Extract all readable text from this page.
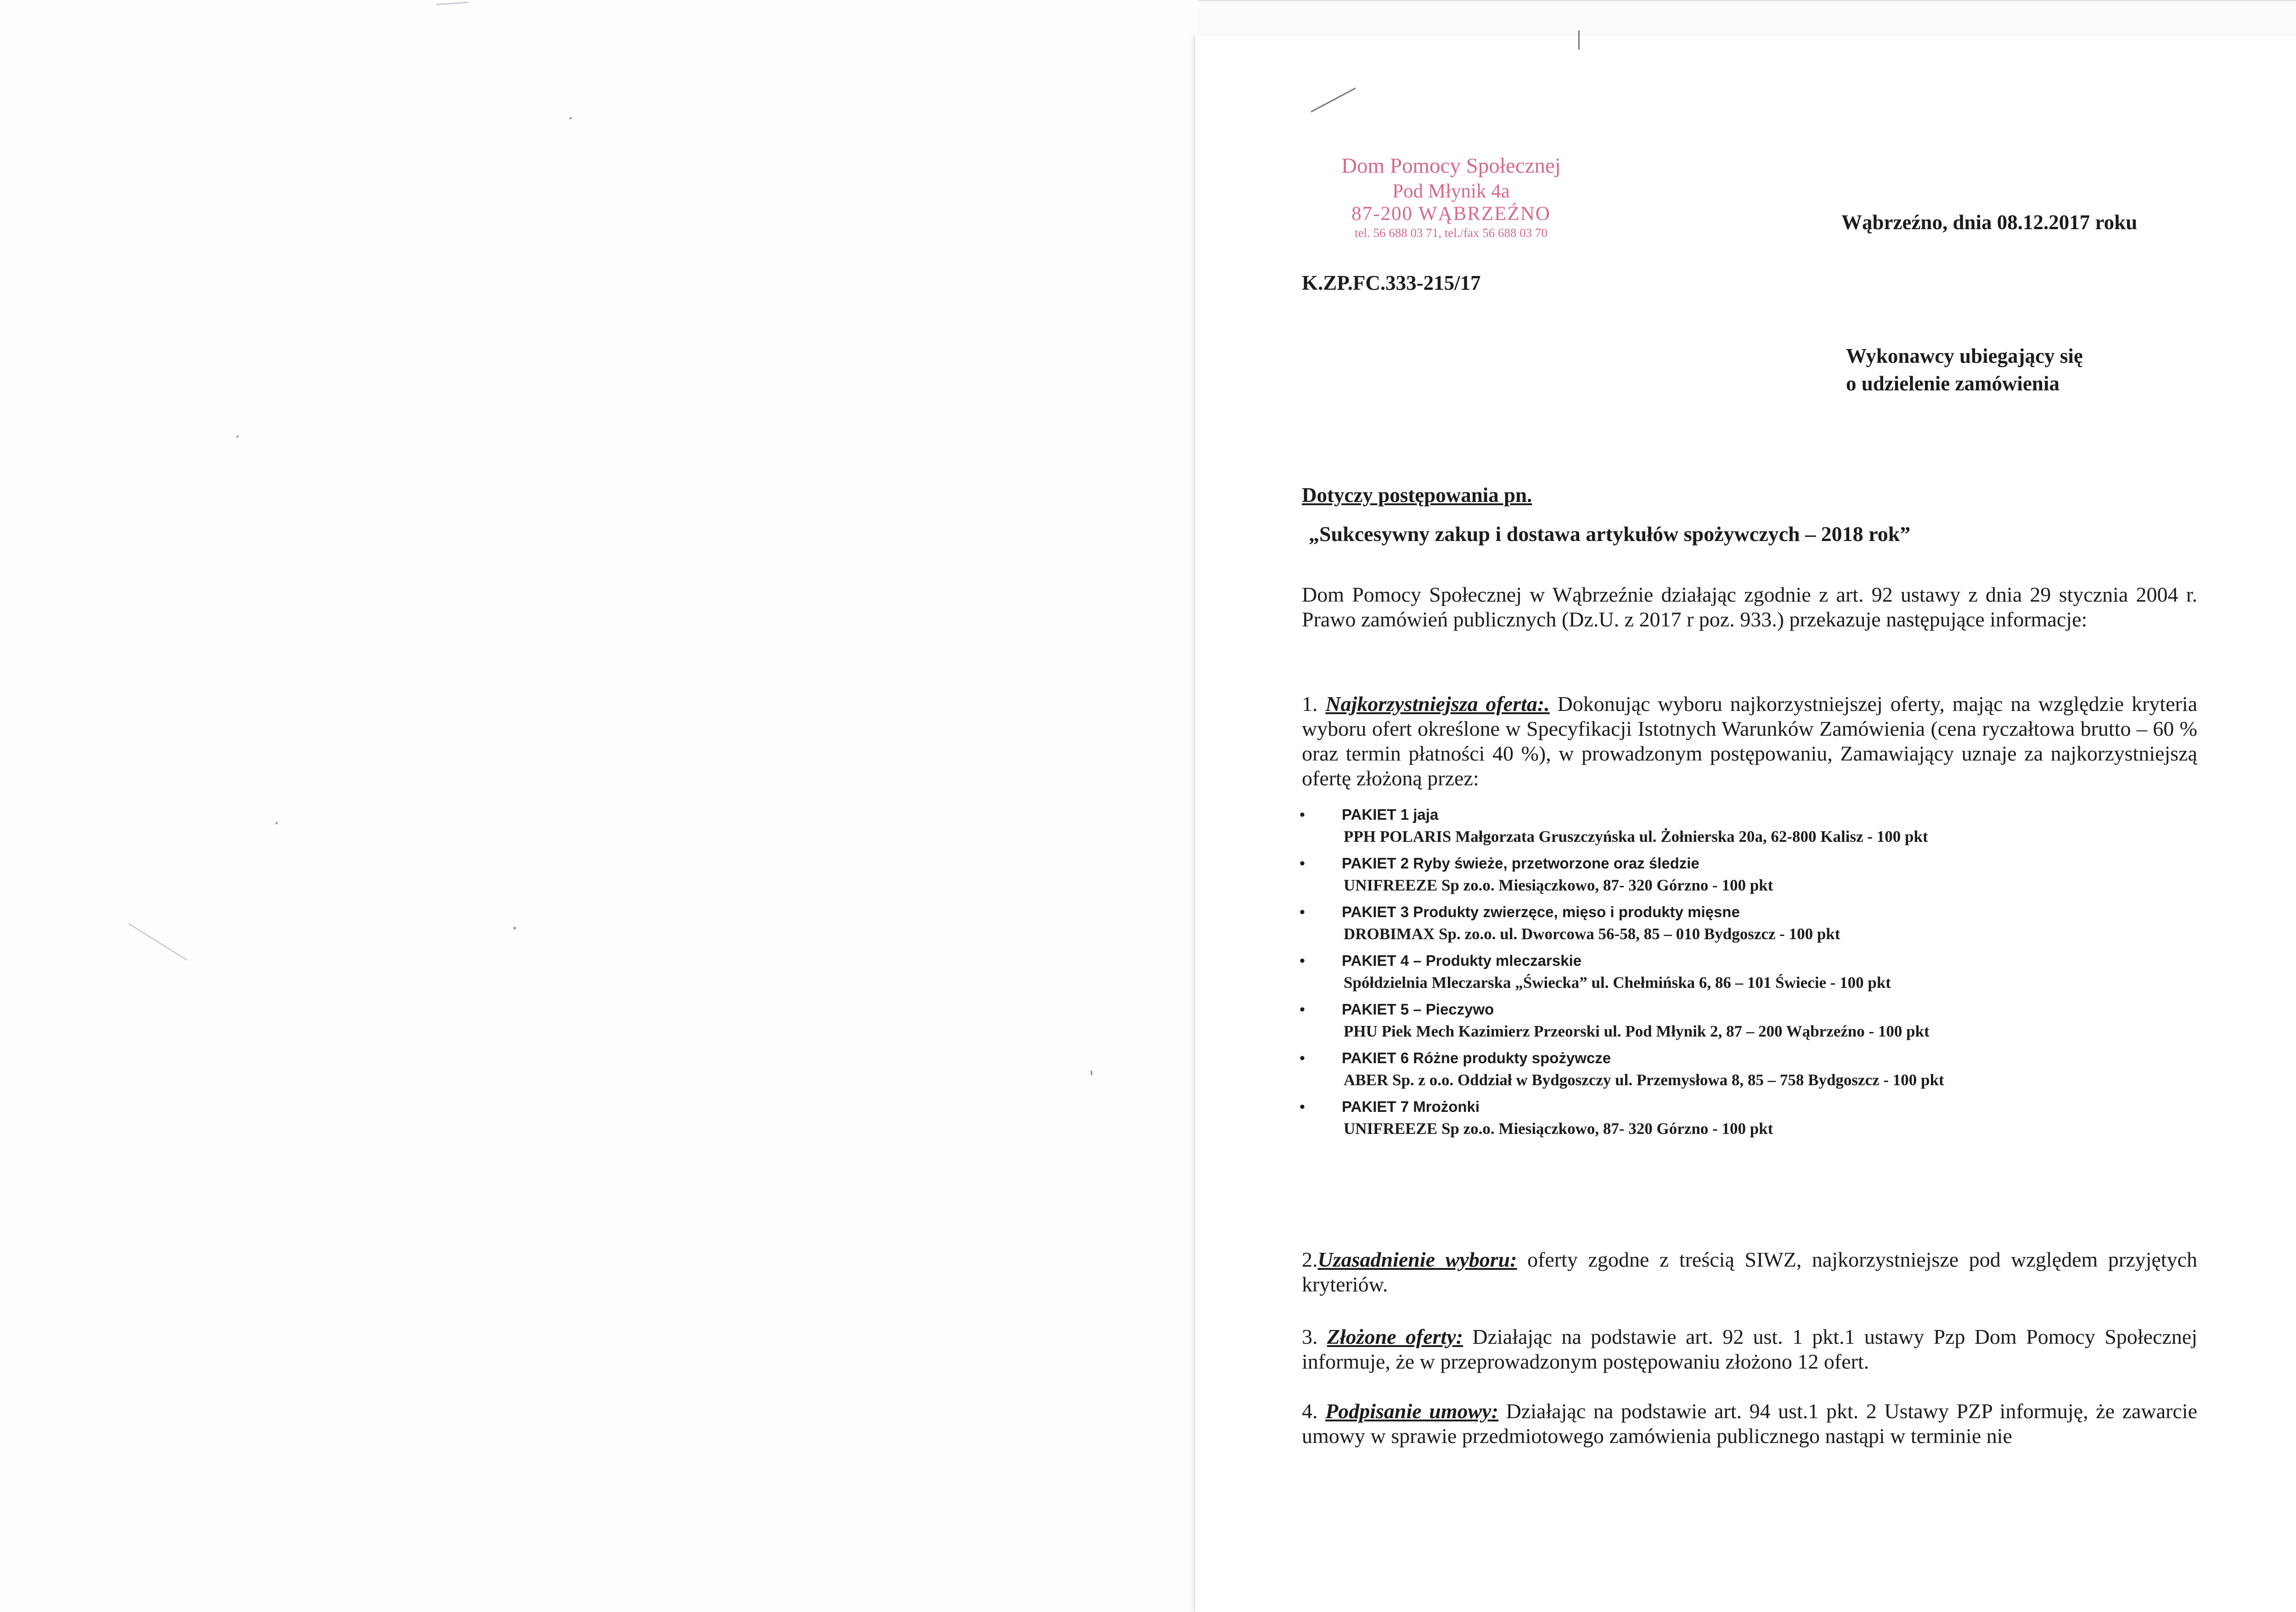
Dom Pomocy Społecznej
Pod Młynik 4a
87-200 WĄBRZEŹNO
tel. 56 688 03 71, tel./fax 56 688 03 70	Wąbrzeźno, dnia 08.12.2017 roku
K.ZP.FC.333-215/17
Wykonawcy ubiegający się
o udzielenie zamówienia
Dotyczy postępowania pn.
„Sukcesywny zakup i dostawa artykułów spożywczych – 2018 rok”

Dom Pomocy Społecznej w Wąbrzeźnie działając zgodnie z art. 92 ustawy z dnia 29 stycznia 2004 r. Prawo zamówień publicznych (Dz.U. z 2017 r poz. 933.) przekazuje następujące informacje:

1. Najkorzystniejsza oferta:. Dokonując wyboru najkorzystniejszej oferty, mając na względzie kryteria wyboru ofert określone w Specyfikacji Istotnych Warunków Zamówienia (cena ryczałtowa brutto – 60 % oraz termin płatności 40 %), w prowadzonym postępowaniu, Zamawiający uznaje za najkorzystniejszą ofertę złożoną przez:

• PAKIET 1 jaja
PPH POLARIS Małgorzata Gruszczyńska ul. Żołnierska 20a, 62-800 Kalisz - 100 pkt
• PAKIET 2 Ryby świeże, przetworzone oraz śledzie
UNIFREEZE Sp zo.o. Miesiączkowo, 87- 320 Górzno - 100 pkt
• PAKIET 3 Produkty zwierzęce, mięso i produkty mięsne
DROBIMAX Sp. zo.o. ul. Dworcowa 56-58, 85 – 010 Bydgoszcz - 100 pkt
• PAKIET 4 – Produkty mleczarskie
Spółdzielnia Mleczarska „Świecka” ul. Chełmińska 6, 86 – 101 Świecie - 100 pkt
• PAKIET 5 – Pieczywo
PHU Piek Mech Kazimierz Przeorski ul. Pod Młynik 2, 87 – 200 Wąbrzeźno - 100 pkt
• PAKIET 6 Różne produkty spożywcze
ABER Sp. z o.o. Oddział w Bydgoszczy ul. Przemysłowa 8, 85 – 758 Bydgoszcz - 100 pkt
• PAKIET 7 Mrożonki
UNIFREEZE Sp zo.o. Miesiączkowo, 87- 320 Górzno - 100 pkt

2.Uzasadnienie wyboru: oferty zgodne z treścią SIWZ, najkorzystniejsze pod względem przyjętych kryteriów.

3. Złożone oferty: Działając na podstawie art. 92 ust. 1 pkt.1 ustawy Pzp Dom Pomocy Społecznej informuje, że w przeprowadzonym postępowaniu złożono 12 ofert.

4. Podpisanie umowy: Działając na podstawie art. 94 ust.1 pkt. 2 Ustawy PZP informuję, że zawarcie umowy w sprawie przedmiotowego zamówienia publicznego nastąpi w terminie nie
